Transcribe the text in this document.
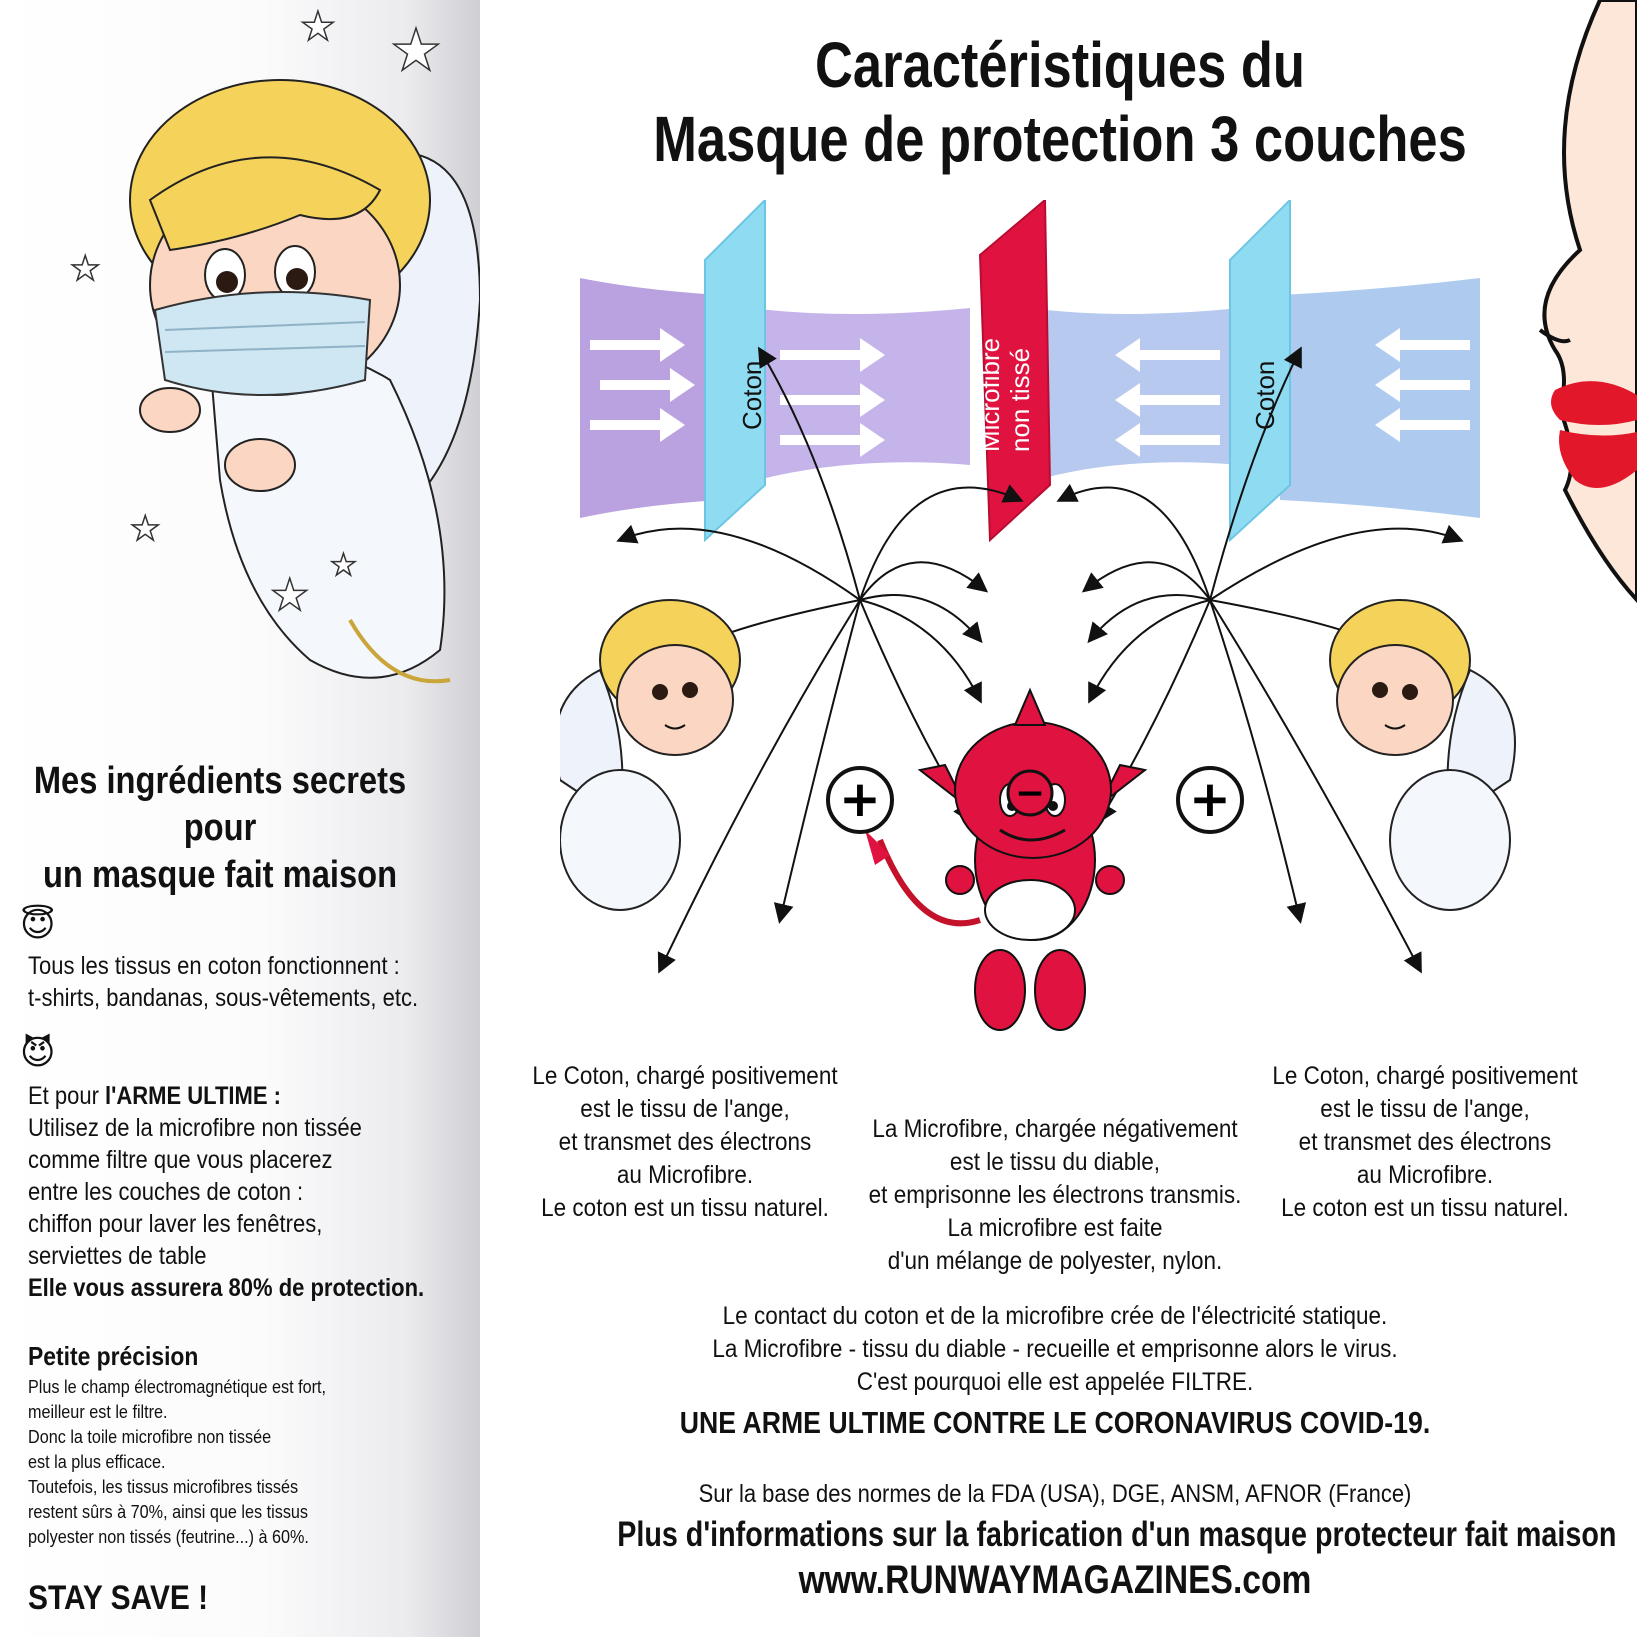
★ ★
★
★
★
★
Mes ingrédients secrets
pour
un masque fait maison
😇
Tous les tissus en coton fonctionnent :
t-shirts, bandanas, sous-vêtements, etc.
😈
Et pour l'ARME ULTIME :
Utilisez de la microfibre non tissée
comme filtre que vous placerez
entre les couches de coton :
chiffon pour laver les fenêtres,
serviettes de table
Elle vous assurera 80% de protection.
Petite précision
Plus le champ électromagnétique est fort,
meilleur est le filtre.
Donc la toile microfibre non tissée
est la plus efficace.
Toutefois, les tissus microfibres tissés
restent sûrs à 70%, ainsi que les tissus
polyester non tissés (feutrine...) à 60%.
STAY SAVE !
Caractéristiques du
Masque de protection 3 couches
+	+
−
Coton	Microfibre non tissé	Coton
Le Coton, chargé positivement
est le tissu de l'ange,
et transmet des électrons
au Microfibre.
Le coton est un tissu naturel.
La Microfibre, chargée négativement
est le tissu du diable,
et emprisonne les électrons transmis.
La microfibre est faite
d'un mélange de polyester, nylon.
Le Coton, chargé positivement
est le tissu de l'ange,
et transmet des électrons
au Microfibre.
Le coton est un tissu naturel.
Le contact du coton et de la microfibre crée de l'électricité statique.
La Microfibre - tissu du diable - recueille et emprisonne alors le virus.
C'est pourquoi elle est appelée FILTRE.
UNE ARME ULTIME CONTRE LE CORONAVIRUS COVID-19.
Sur la base des normes de la FDA (USA), DGE, ANSM, AFNOR (France)
Plus d'informations sur la fabrication d'un masque protecteur fait maison
www.RUNWAYMAGAZINES.com
